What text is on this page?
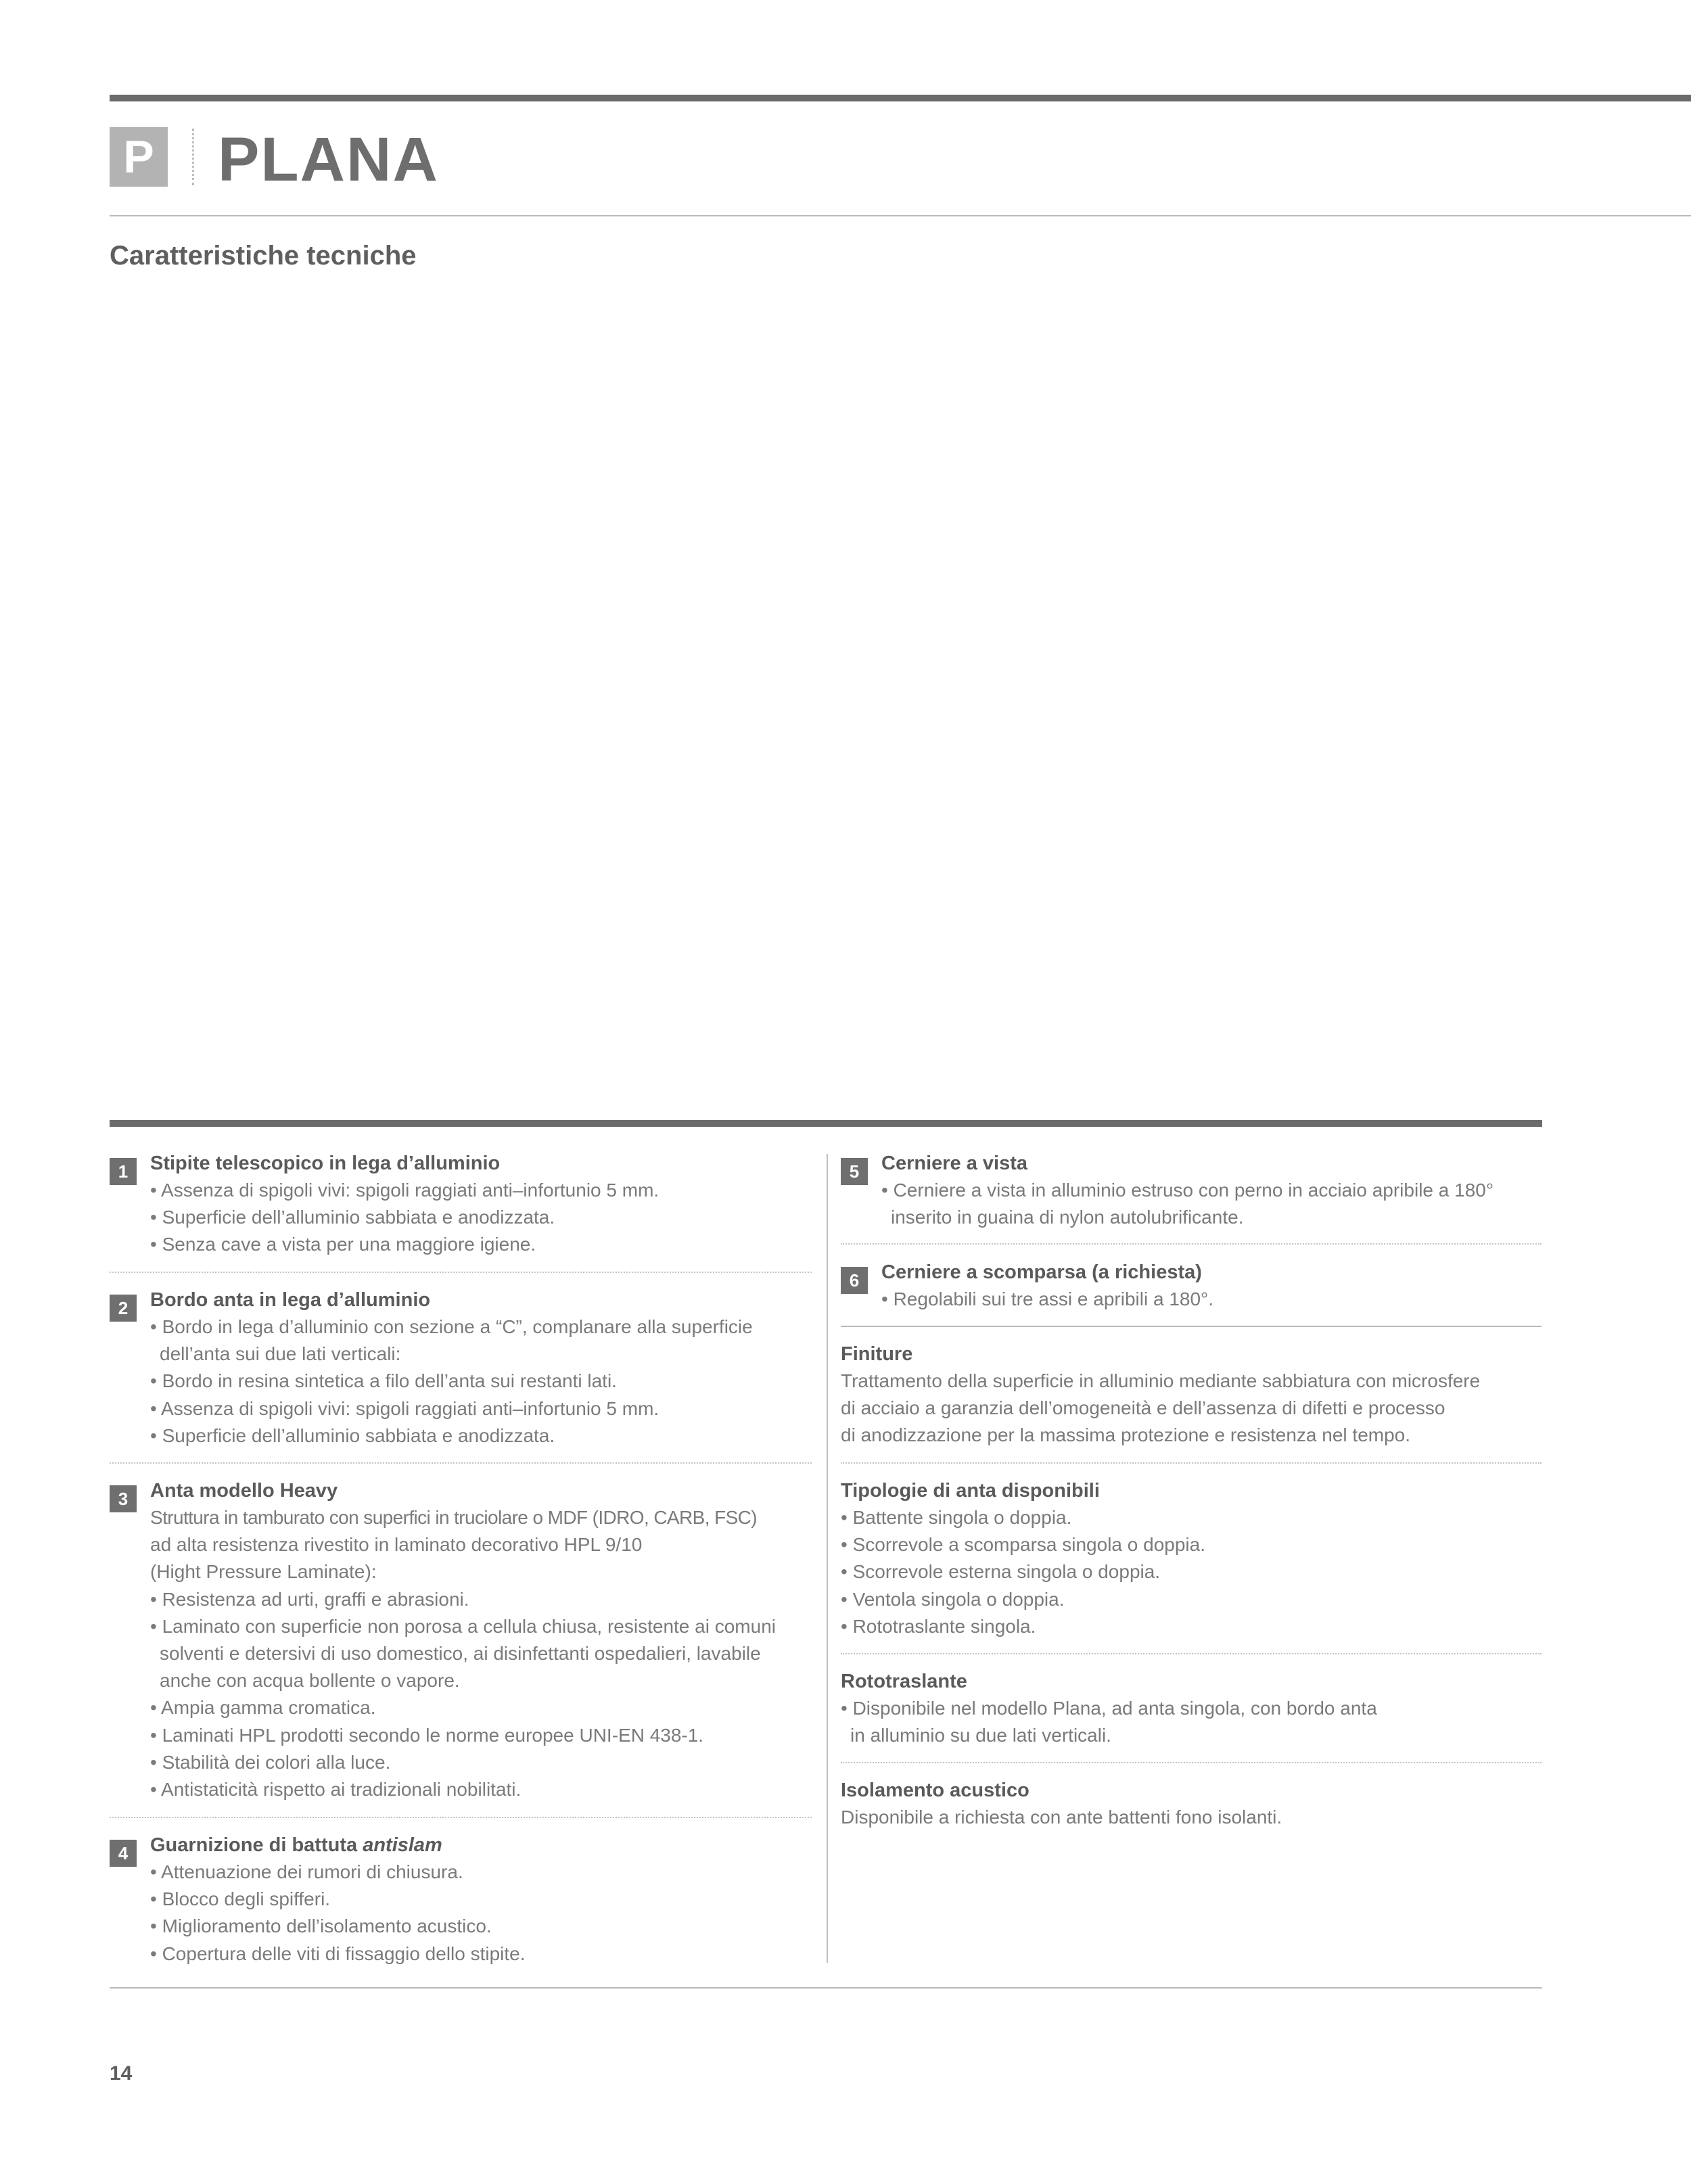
P PLANA
Caratteristiche tecniche
1	Stipite telescopico in lega d’alluminio
• Assenza di spigoli vivi: spigoli raggiati anti–infortunio 5 mm.
• Superficie dell’alluminio sabbiata e anodizzata.
• Senza cave a vista per una maggiore igiene.
2	Bordo anta in lega d’alluminio
• Bordo in lega d’alluminio con sezione a “C”, complanare alla superficie
dell’anta sui due lati verticali:
• Bordo in resina sintetica a filo dell’anta sui restanti lati.
• Assenza di spigoli vivi: spigoli raggiati anti–infortunio 5 mm.
• Superficie dell’alluminio sabbiata e anodizzata.
3	Anta modello Heavy
Struttura in tamburato con superfici in truciolare o MDF (IDRO, CARB, FSC)
ad alta resistenza rivestito in laminato decorativo HPL 9/10
(Hight Pressure Laminate):
• Resistenza ad urti, graffi e abrasioni.
• Laminato con superficie non porosa a cellula chiusa, resistente ai comuni
solventi e detersivi di uso domestico, ai disinfettanti ospedalieri, lavabile
anche con acqua bollente o vapore.
• Ampia gamma cromatica.
• Laminati HPL prodotti secondo le norme europee UNI-EN 438-1.
• Stabilità dei colori alla luce.
• Antistaticità rispetto ai tradizionali nobilitati.
4	Guarnizione di battuta antislam
• Attenuazione dei rumori di chiusura.
• Blocco degli spifferi.
• Miglioramento dell’isolamento acustico.
• Copertura delle viti di fissaggio dello stipite.
5	Cerniere a vista
• Cerniere a vista in alluminio estruso con perno in acciaio apribile a 180°
inserito in guaina di nylon autolubrificante.
6	Cerniere a scomparsa (a richiesta)
• Regolabili sui tre assi e apribili a 180°.
Finiture
Trattamento della superficie in alluminio mediante sabbiatura con microsfere
di acciaio a garanzia dell’omogeneità e dell’assenza di difetti e processo
di anodizzazione per la massima protezione e resistenza nel tempo.
Tipologie di anta disponibili
• Battente singola o doppia.
• Scorrevole a scomparsa singola o doppia.
• Scorrevole esterna singola o doppia.
• Ventola singola o doppia.
• Rototraslante singola.
Rototraslante
• Disponibile nel modello Plana, ad anta singola, con bordo anta
in alluminio su due lati verticali.
Isolamento acustico
Disponibile a richiesta con ante battenti fono isolanti.
14
